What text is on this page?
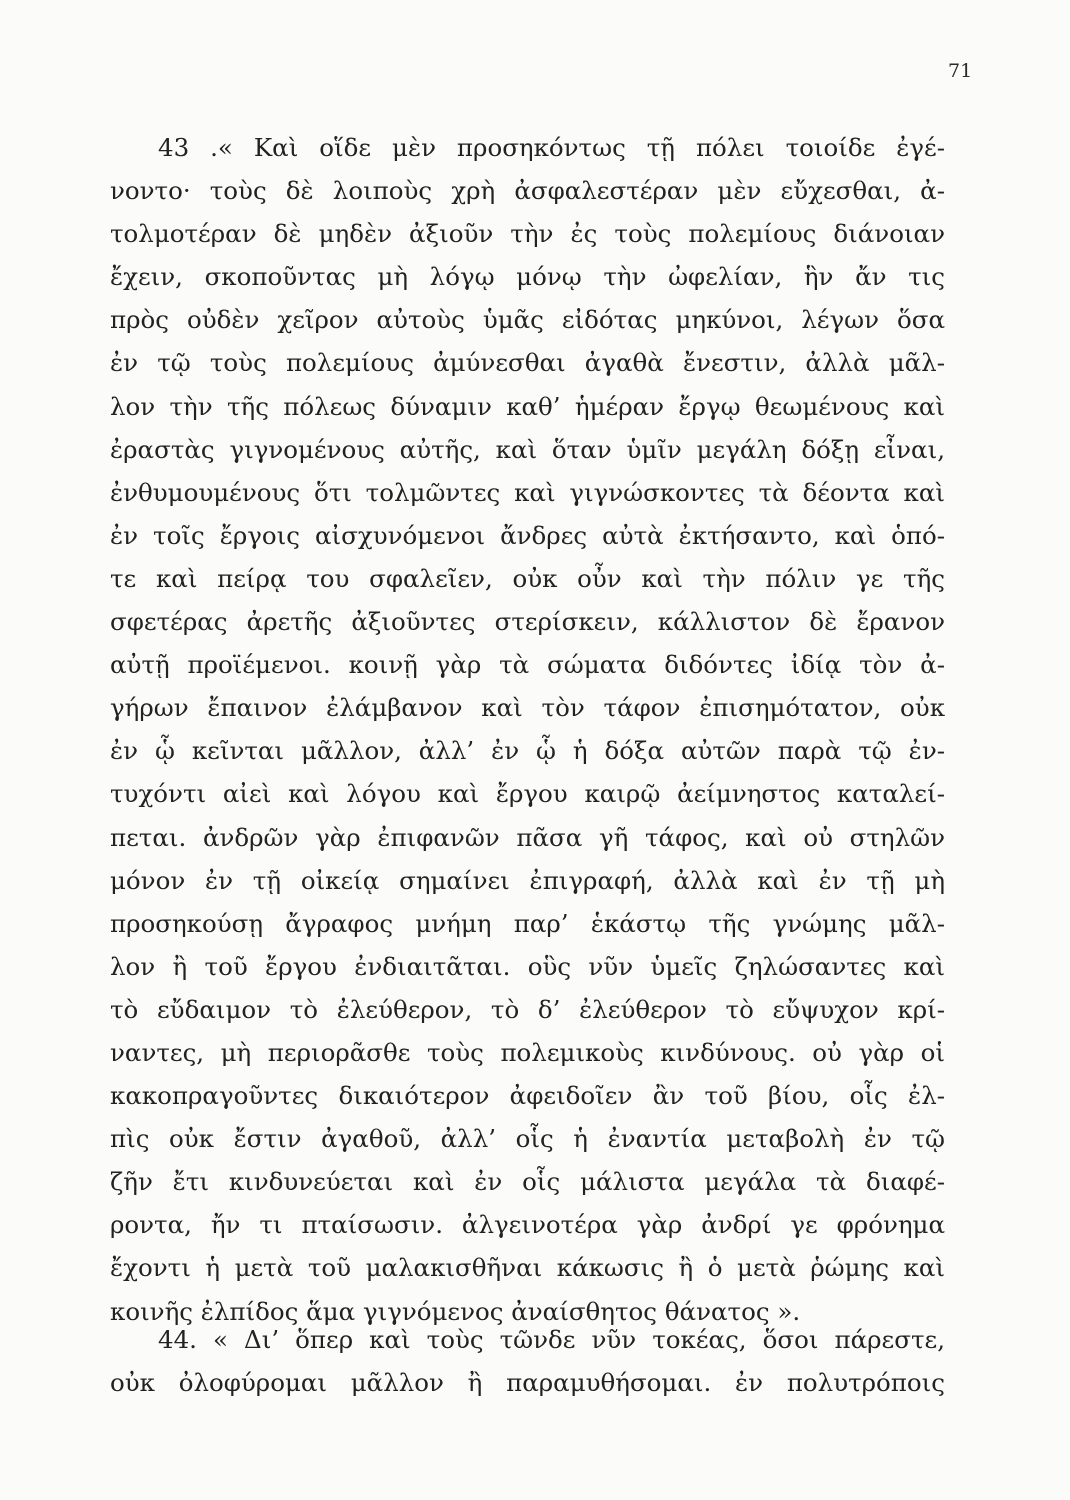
71
43 .« Καὶ οἵδε μὲν προσηκόντως τῇ πόλει τοιοίδε ἐγέ-
νοντο· τοὺς δὲ λοιποὺς χρὴ ἀσφαλεστέραν μὲν εὔχεσθαι, ἀ-
τολμοτέραν δὲ μηδὲν ἀξιοῦν τὴν ἐς τοὺς πολεμίους διάνοιαν
ἔχειν, σκοποῦντας μὴ λόγῳ μόνῳ τὴν ὠφελίαν, ἣν ἄν τις
πρὸς οὐδὲν χεῖρον αὐτοὺς ὑμᾶς εἰδότας μηκύνοι, λέγων ὅσα
ἐν τῷ τοὺς πολεμίους ἀμύνεσθαι ἀγαθὰ ἔνεστιν, ἀλλὰ μᾶλ-
λον τὴν τῆς πόλεως δύναμιν καθ’ ἡμέραν ἔργῳ θεωμένους καὶ
ἐραστὰς γιγνομένους αὐτῆς, καὶ ὅταν ὑμῖν μεγάλη δόξῃ εἶναι,
ἐνθυμουμένους ὅτι τολμῶντες καὶ γιγνώσκοντες τὰ δέοντα καὶ
ἐν τοῖς ἔργοις αἰσχυνόμενοι ἄνδρες αὐτὰ ἐκτήσαντο, καὶ ὁπό-
τε καὶ πείρᾳ του σφαλεῖεν, οὐκ οὖν καὶ τὴν πόλιν γε τῆς
σφετέρας ἀρετῆς ἀξιοῦντες στερίσκειν, κάλλιστον δὲ ἔρανον
αὐτῇ προϊέμενοι. κοινῇ γὰρ τὰ σώματα διδόντες ἰδίᾳ τὸν ἀ-
γήρων ἔπαινον ἐλάμβανον καὶ τὸν τάφον ἐπισημότατον, οὐκ
ἐν ᾧ κεῖνται μᾶλλον, ἀλλ’ ἐν ᾧ ἡ δόξα αὐτῶν παρὰ τῷ ἐν-
τυχόντι αἰεὶ καὶ λόγου καὶ ἔργου καιρῷ ἀείμνηστος καταλεί-
πεται. ἀνδρῶν γὰρ ἐπιφανῶν πᾶσα γῆ τάφος, καὶ οὐ στηλῶν
μόνον ἐν τῇ οἰκείᾳ σημαίνει ἐπιγραφή, ἀλλὰ καὶ ἐν τῇ μὴ
προσηκούσῃ ἄγραφος μνήμη παρ’ ἑκάστῳ τῆς γνώμης μᾶλ-
λον ἢ τοῦ ἔργου ἐνδιαιτᾶται. οὓς νῦν ὑμεῖς ζηλώσαντες καὶ
τὸ εὔδαιμον τὸ ἐλεύθερον, τὸ δ’ ἐλεύθερον τὸ εὔψυχον κρί-
ναντες, μὴ περιορᾶσθε τοὺς πολεμικοὺς κινδύνους. οὐ γὰρ οἱ
κακοπραγοῦντες δικαιότερον ἀφειδοῖεν ἂν τοῦ βίου, οἷς ἐλ-
πὶς οὐκ ἔστιν ἀγαθοῦ, ἀλλ’ οἷς ἡ ἐναντία μεταβολὴ ἐν τῷ
ζῆν ἔτι κινδυνεύεται καὶ ἐν οἷς μάλιστα μεγάλα τὰ διαφέ-
ροντα, ἤν τι πταίσωσιν. ἀλγεινοτέρα γὰρ ἀνδρί γε φρόνημα
ἔχοντι ἡ μετὰ τοῦ μαλακισθῆναι κάκωσις ἢ ὁ μετὰ ῥώμης καὶ
κοινῆς ἐλπίδος ἅμα γιγνόμενος ἀναίσθητος θάνατος ».
44. « Δι’ ὅπερ καὶ τοὺς τῶνδε νῦν τοκέας, ὅσοι πάρεστε,
οὐκ ὀλοφύρομαι μᾶλλον ἢ παραμυθήσομαι. ἐν πολυτρόποις
